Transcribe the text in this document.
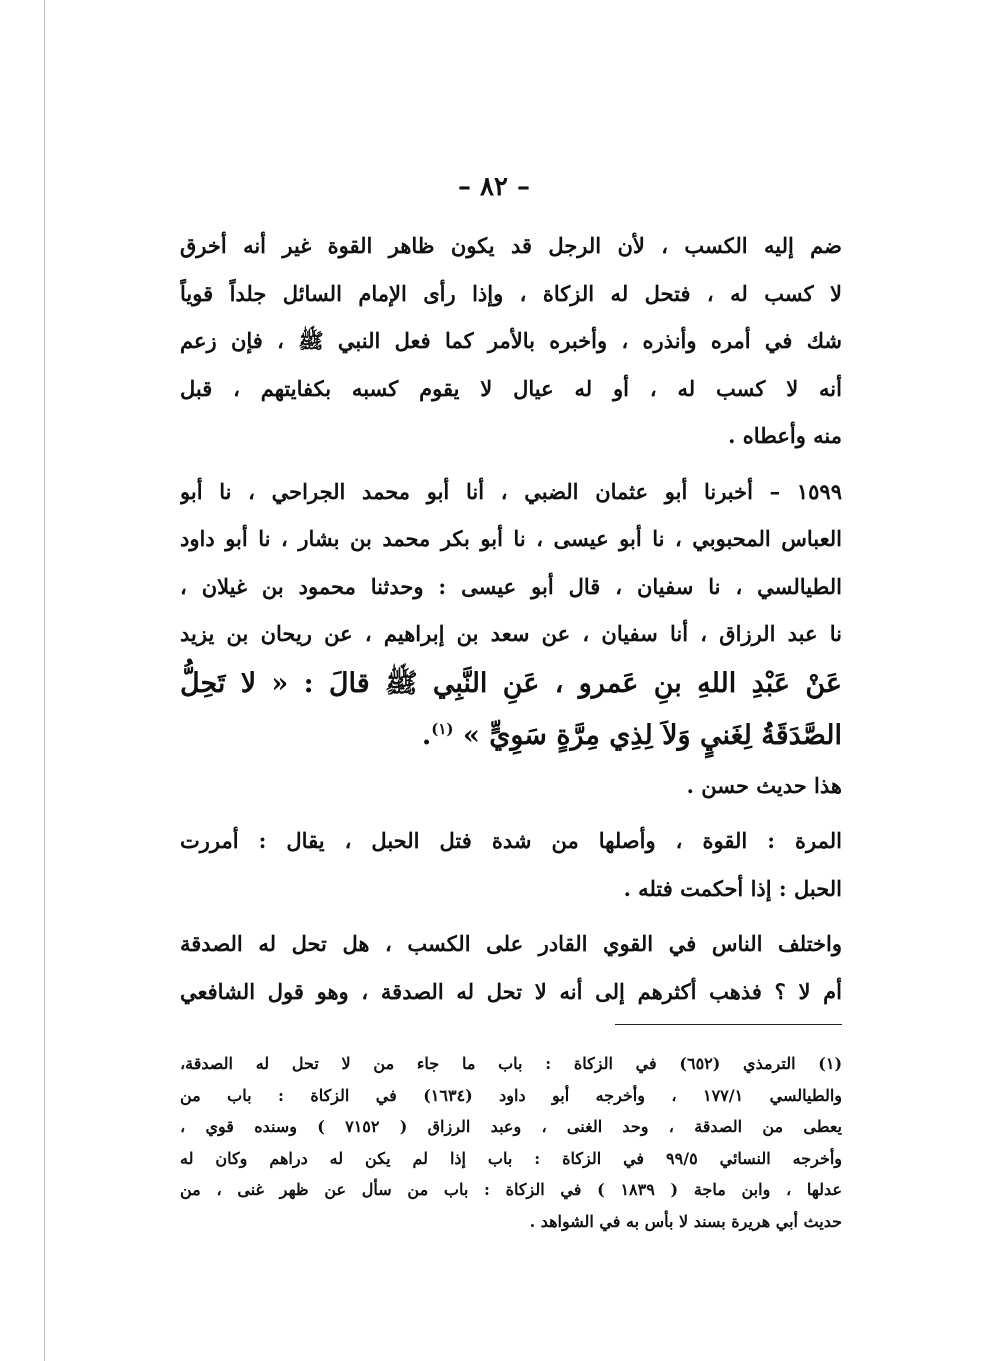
– ٨٢ –
ضم إليه الكسب ، لأن الرجل قد يكون ظاهر القوة غير أنه أخرق
لا كسب له ، فتحل له الزكاة ، وإذا رأى الإمام السائل جلداً قوياً
شك في أمره وأنذره ، وأخبره بالأمر كما فعل النبي ﷺ ، فإن زعم
أنه لا كسب له ، أو له عيال لا يقوم كسبه بكفايتهم ، قبل
منه وأعطاه .
١٥٩٩ – أخبرنا أبو عثمان الضبي ، أنا أبو محمد الجراحي ، نا أبو
العباس المحبوبي ، نا أبو عيسى ، نا أبو بكر محمد بن بشار ، نا أبو داود
الطيالسي ، نا سفيان ، قال أبو عيسى : وحدثنا محمود بن غيلان ،
نا عبد الرزاق ، أنا سفيان ، عن سعد بن إبراهيم ، عن ريحان بن يزيد
عَنْ عَبْدِ اللهِ بنِ عَمرو ، عَنِ النَّبِي ﷺ قالَ : « لا تَحِلُّ
الصَّدَقَةُ لِغَنيٍ وَلاَ لِذِي مِرَّةٍ سَوِيٍّ » $^{(١)}$.
هذا حديث حسن .
المرة : القوة ، وأصلها من شدة فتل الحبل ، يقال : أمررت
الحبل : إذا أحكمت فتله .
واختلف الناس في القوي القادر على الكسب ، هل تحل له الصدقة
أم لا ؟ فذهب أكثرهم إلى أنه لا تحل له الصدقة ، وهو قول الشافعي
(١) الترمذي (٦٥٢) في الزكاة : باب ما جاء من لا تحل له الصدقة،
والطيالسي ١٧٧/١ ، وأخرجه أبو داود (١٦٣٤) في الزكاة : باب من
يعطى من الصدقة ، وحد الغنى ، وعبد الرزاق ( ٧١٥٢ ) وسنده قوي ،
وأخرجه النسائي ٩٩/٥ في الزكاة : باب إذا لم يكن له دراهم وكان له
عدلها ، وابن ماجة ( ١٨٣٩ ) في الزكاة : باب من سأل عن ظهر غنى ، من
حديث أبي هريرة بسند لا بأس به في الشواهد .
